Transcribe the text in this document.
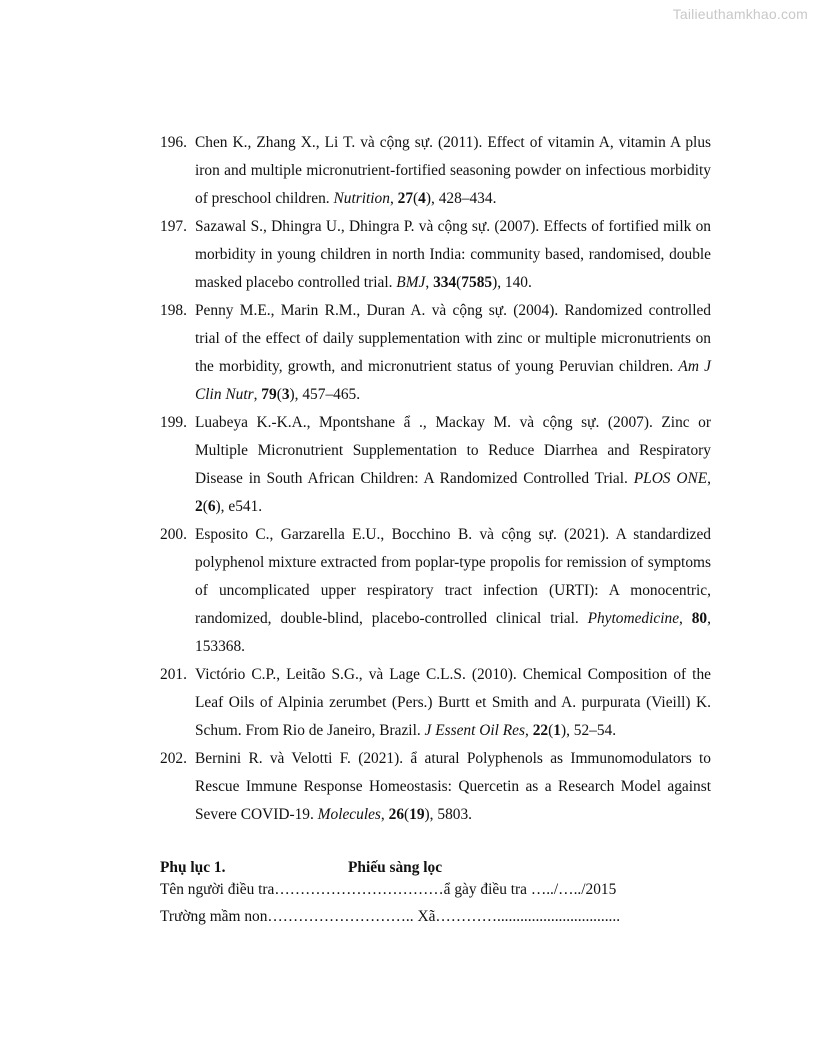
Tailieuthamkhao.com
196. Chen K., Zhang X., Li T. và cộng sự. (2011). Effect of vitamin A, vitamin A plus iron and multiple micronutrient-fortified seasoning powder on infectious morbidity of preschool children. Nutrition, 27(4), 428–434.
197. Sazawal S., Dhingra U., Dhingra P. và cộng sự. (2007). Effects of fortified milk on morbidity in young children in north India: community based, randomised, double masked placebo controlled trial. BMJ, 334(7585), 140.
198. Penny M.E., Marin R.M., Duran A. và cộng sự. (2004). Randomized controlled trial of the effect of daily supplementation with zinc or multiple micronutrients on the morbidity, growth, and micronutrient status of young Peruvian children. Am J Clin Nutr, 79(3), 457–465.
199. Luabeya K.-K.A., Mpontshane ẩ ., Mackay M. và cộng sự. (2007). Zinc or Multiple Micronutrient Supplementation to Reduce Diarrhea and Respiratory Disease in South African Children: A Randomized Controlled Trial. PLOS ONE, 2(6), e541.
200. Esposito C., Garzarella E.U., Bocchino B. và cộng sự. (2021). A standardized polyphenol mixture extracted from poplar-type propolis for remission of symptoms of uncomplicated upper respiratory tract infection (URTI): A monocentric, randomized, double-blind, placebo-controlled clinical trial. Phytomedicine, 80, 153368.
201. Victório C.P., Leitão S.G., và Lage C.L.S. (2010). Chemical Composition of the Leaf Oils of Alpinia zerumbet (Pers.) Burtt et Smith and A. purpurata (Vieill) K. Schum. From Rio de Janeiro, Brazil. J Essent Oil Res, 22(1), 52–54.
202. Bernini R. và Velotti F. (2021). ẩ atural Polyphenols as Immunomodulators to Rescue Immune Response Homeostasis: Quercetin as a Research Model against Severe COVID-19. Molecules, 26(19), 5803.
Phụ lục 1.	Phiếu sàng lọc
Tên người điều tra……………………………ẩ gày điều tra …../…../2015
Trường mầm non……………………….. Xã…………................................
